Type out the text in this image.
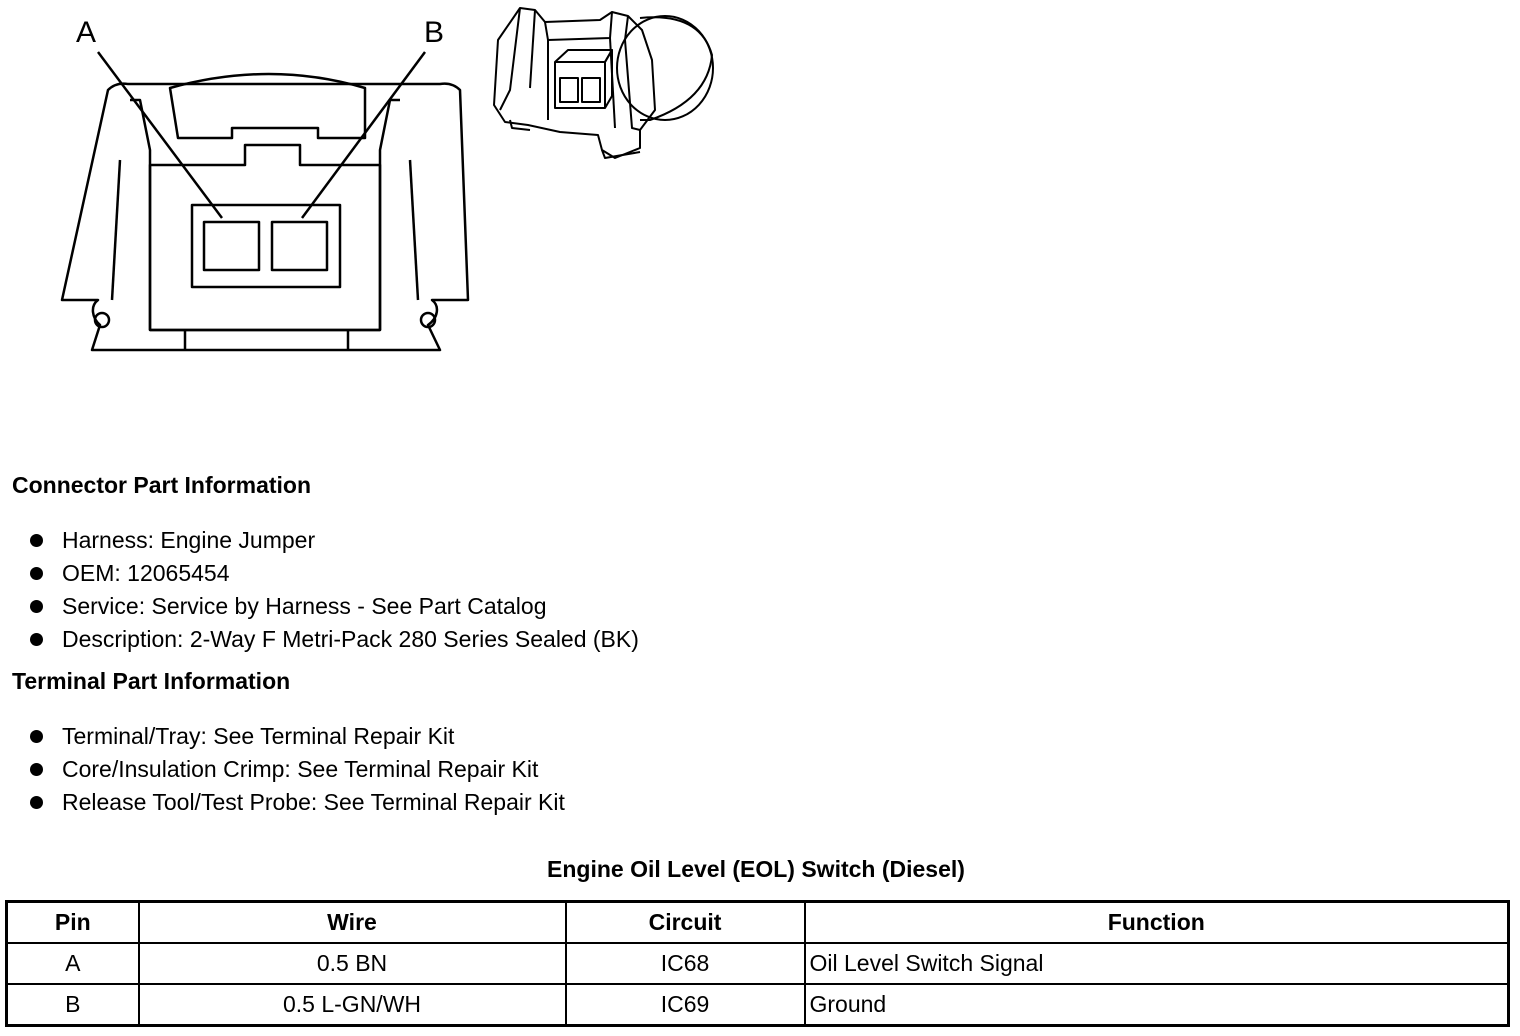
A	B
Connector Part Information
Harness: Engine Jumper
OEM: 12065454
Service: Service by Harness - See Part Catalog
Description: 2-Way F Metri-Pack 280 Series Sealed (BK)
Terminal Part Information
Terminal/Tray: See Terminal Repair Kit
Core/Insulation Crimp: See Terminal Repair Kit
Release Tool/Test Probe: See Terminal Repair Kit
Engine Oil Level (EOL) Switch (Diesel)
Pin	Wire	Circuit	Function
A	0.5 BN	IC68	Oil Level Switch Signal
B	0.5 L-GN/WH	IC69	Ground
